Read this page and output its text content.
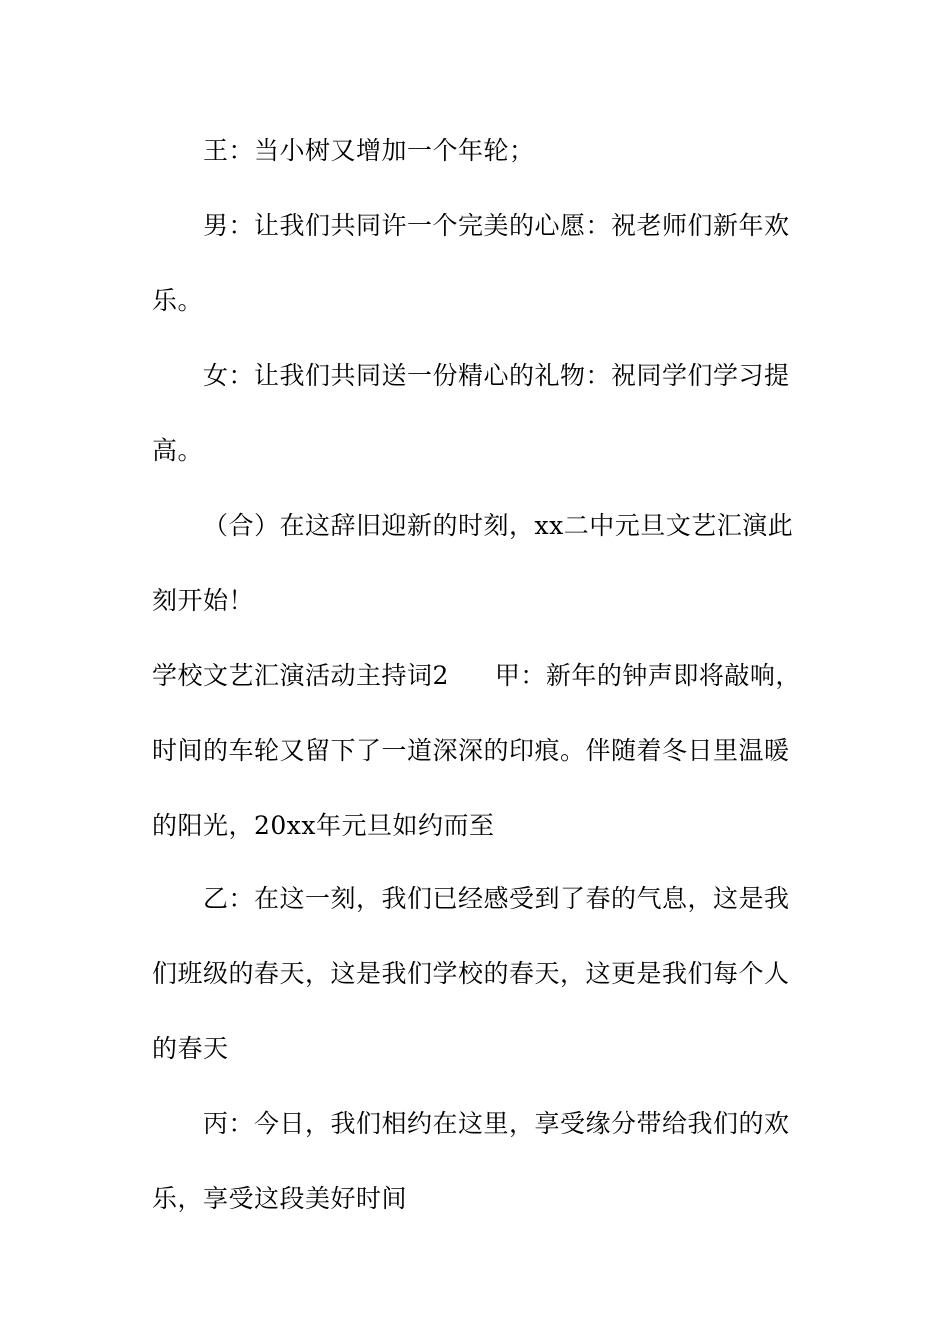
王：当小树又增加一个年轮；
男：让我们共同许一个完美的心愿：祝老师们新年欢
乐。
女：让我们共同送一份精心的礼物：祝同学们学习提
高。
（合）在这辞旧迎新的时刻，xx二中元旦文艺汇演此
刻开始！
学校文艺汇演活动主持词2 甲：新年的钟声即将敲响，
时间的车轮又留下了一道深深的印痕。伴随着冬日里温暖
的阳光，20xx年元旦如约而至
乙：在这一刻，我们已经感受到了春的气息，这是我
们班级的春天，这是我们学校的春天，这更是我们每个人
的春天
丙：今日，我们相约在这里，享受缘分带给我们的欢
乐，享受这段美好时间
